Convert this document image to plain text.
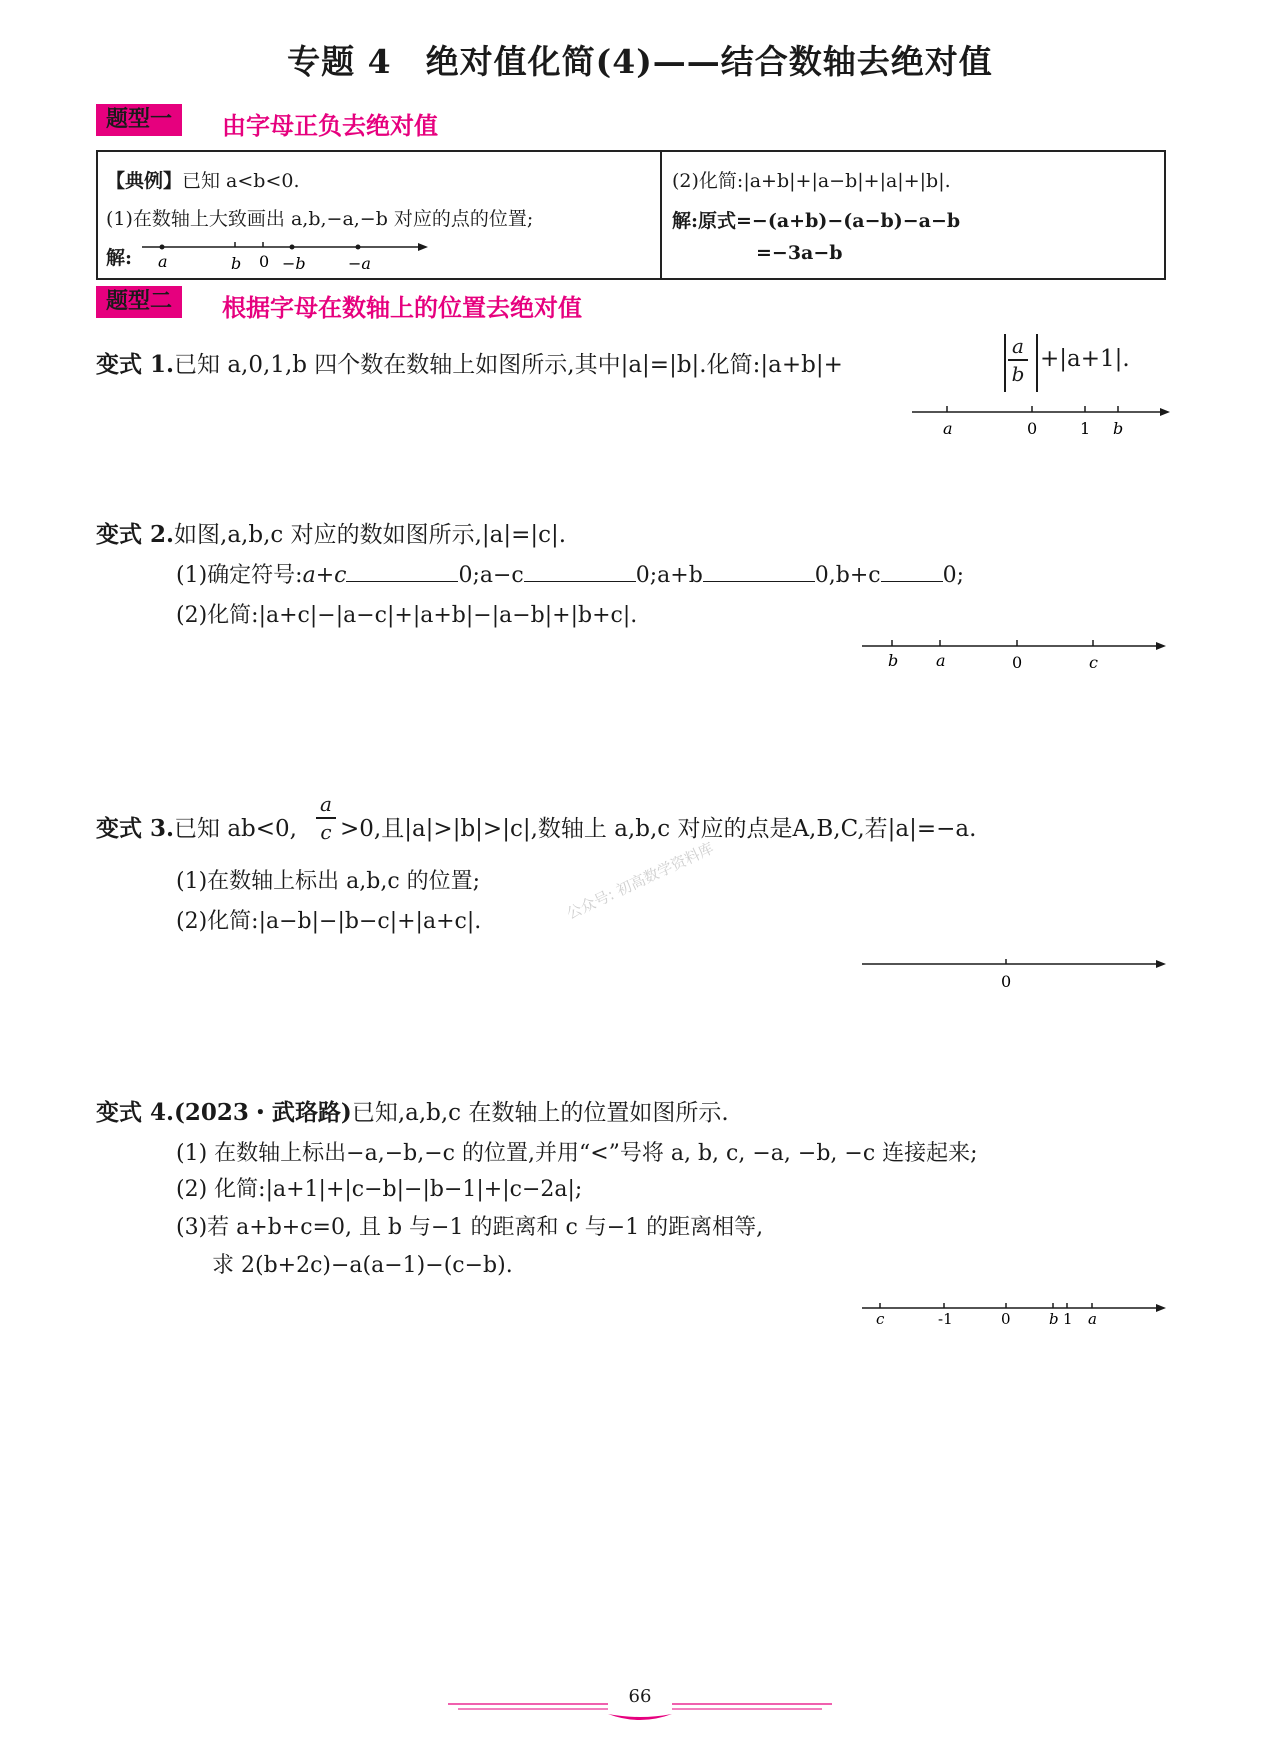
专题 4　绝对值化简(4)——结合数轴去绝对值
题型一	由字母正负去绝对值
【典例】已知 a<b<0.
(1)在数轴上大致画出 a,b,−a,−b 对应的点的位置;
解: a	b 0 −b	−a
(2)化简:|a+b|+|a−b|+|a|+|b|.
解:原式=−(a+b)−(a−b)−a−b
=−3a−b
题型二	根据字母在数轴上的位置去绝对值
变式 1.已知 a,0,1,b 四个数在数轴上如图所示,其中|a|=|b|.化简:|a+b|+
a
b
+|a+1|.
a	0	1 b
变式 2.如图,a,b,c 对应的数如图所示,|a|=|c|.
(1)确定符号:a+c	0;a−c	0;a+b	0,b+c	0;
(2)化简:|a+c|−|a−c|+|a+b|−|a−b|+|b+c|.
b a	0	c
变式 3.已知 ab<0,
a
c >0,且|a|>|b|>|c|,数轴上 a,b,c 对应的点是A,B,C,若|a|=−a.
(1)在数轴上标出 a,b,c 的位置;
(2)化简:|a−b|−|b−c|+|a+c|.	公众号: 初高数学资料库
0
变式 4.(2023・武珞路)已知,a,b,c 在数轴上的位置如图所示.
(1) 在数轴上标出−a,−b,−c 的位置,并用“<”号将 a, b, c, −a, −b, −c 连接起来;
(2) 化简:|a+1|+|c−b|−|b−1|+|c−2a|;
(3)若 a+b+c=0, 且 b 与−1 的距离和 c 与−1 的距离相等,
求 2(b+2c)−a(a−1)−(c−b).
c	-1	0	b 1 a
66
